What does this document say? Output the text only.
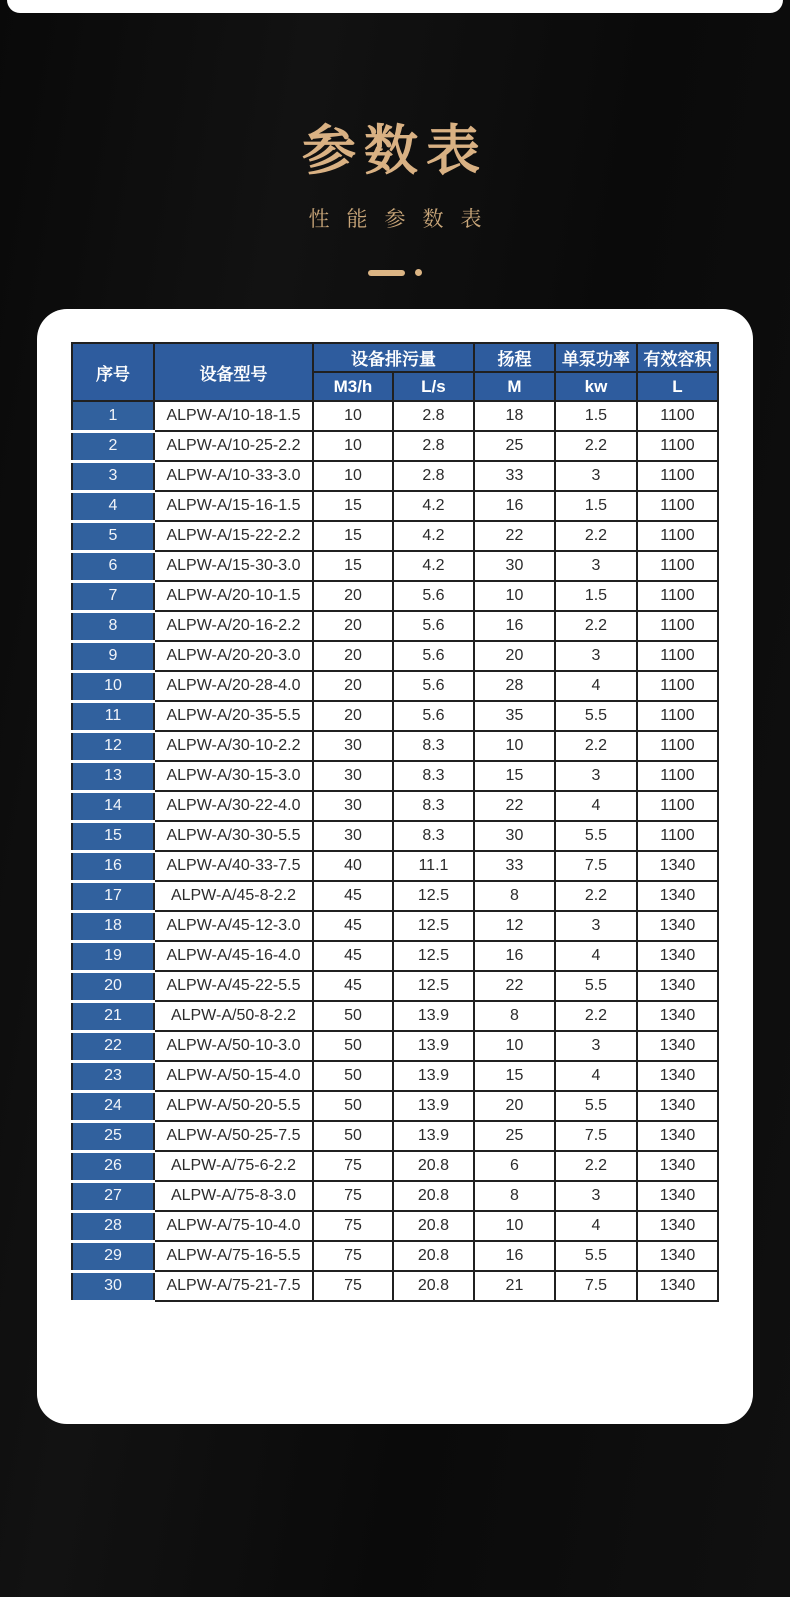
参数表
性能参数表
序号	设备型号	设备排污量		扬程	单泵功率	有效容积
		M3/h	L/s	M	kw	L
1	ALPW-A/10-18-1.5	10	2.8	18	1.5	1100
2	ALPW-A/10-25-2.2	10	2.8	25	2.2	1100
3	ALPW-A/10-33-3.0	10	2.8	33	3	1100
4	ALPW-A/15-16-1.5	15	4.2	16	1.5	1100
5	ALPW-A/15-22-2.2	15	4.2	22	2.2	1100
6	ALPW-A/15-30-3.0	15	4.2	30	3	1100
7	ALPW-A/20-10-1.5	20	5.6	10	1.5	1100
8	ALPW-A/20-16-2.2	20	5.6	16	2.2	1100
9	ALPW-A/20-20-3.0	20	5.6	20	3	1100
10	ALPW-A/20-28-4.0	20	5.6	28	4	1100
11	ALPW-A/20-35-5.5	20	5.6	35	5.5	1100
12	ALPW-A/30-10-2.2	30	8.3	10	2.2	1100
13	ALPW-A/30-15-3.0	30	8.3	15	3	1100
14	ALPW-A/30-22-4.0	30	8.3	22	4	1100
15	ALPW-A/30-30-5.5	30	8.3	30	5.5	1100
16	ALPW-A/40-33-7.5	40	11.1	33	7.5	1340
17	ALPW-A/45-8-2.2	45	12.5	8	2.2	1340
18	ALPW-A/45-12-3.0	45	12.5	12	3	1340
19	ALPW-A/45-16-4.0	45	12.5	16	4	1340
20	ALPW-A/45-22-5.5	45	12.5	22	5.5	1340
21	ALPW-A/50-8-2.2	50	13.9	8	2.2	1340
22	ALPW-A/50-10-3.0	50	13.9	10	3	1340
23	ALPW-A/50-15-4.0	50	13.9	15	4	1340
24	ALPW-A/50-20-5.5	50	13.9	20	5.5	1340
25	ALPW-A/50-25-7.5	50	13.9	25	7.5	1340
26	ALPW-A/75-6-2.2	75	20.8	6	2.2	1340
27	ALPW-A/75-8-3.0	75	20.8	8	3	1340
28	ALPW-A/75-10-4.0	75	20.8	10	4	1340
29	ALPW-A/75-16-5.5	75	20.8	16	5.5	1340
30	ALPW-A/75-21-7.5	75	20.8	21	7.5	1340
